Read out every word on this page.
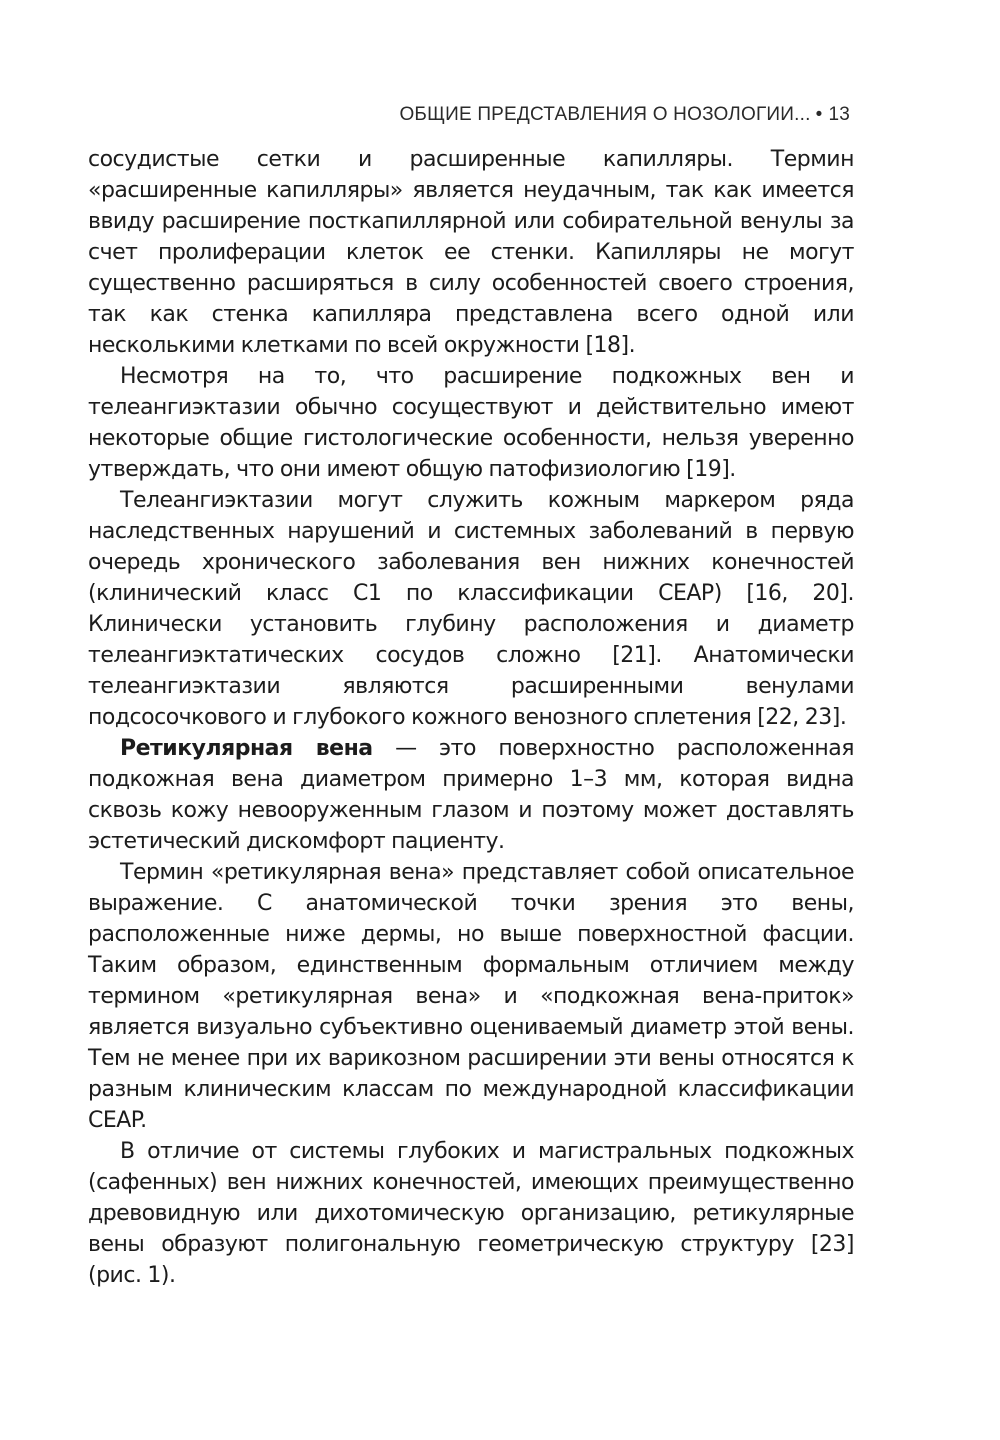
ОБЩИЕ ПРЕДСТАВЛЕНИЯ О НОЗОЛОГИИ... • 13

сосудистые сетки и расширенные капилляры. Термин «расширенные капилляры» является неудачным, так как имеется ввиду расширение посткапиллярной или собирательной венулы за счет пролиферации клеток ее стенки. Капилляры не могут существенно расширяться в силу особенностей своего строения, так как стенка капилляра представлена всего одной или несколькими клетками по всей окружности [18].

Несмотря на то, что расширение подкожных вен и телеангиэктазии обычно сосуществуют и действительно имеют некоторые общие гистологические особенности, нельзя уверенно утверждать, что они имеют общую патофизиологию [19].

Телеангиэктазии могут служить кожным маркером ряда наследственных нарушений и системных заболеваний в первую очередь хронического заболевания вен нижних конечностей (клинический класс C1 по классификации CEAP) [16, 20]. Клинически установить глубину расположения и диаметр телеангиэктатических сосудов сложно [21]. Анатомически телеангиэктазии являются расширенными венулами подсосочкового и глубокого кожного венозного сплетения [22, 23].

Ретикулярная вена — это поверхностно расположенная подкожная вена диаметром примерно 1–3 мм, которая видна сквозь кожу невооруженным глазом и поэтому может доставлять эстетический дискомфорт пациенту.

Термин «ретикулярная вена» представляет собой описательное выражение. С анатомической точки зрения это вены, расположенные ниже дермы, но выше поверхностной фасции. Таким образом, единственным формальным отличием между термином «ретикулярная вена» и «подкожная вена-приток» является визуально субъективно оцениваемый диаметр этой вены. Тем не менее при их варикозном расширении эти вены относятся к разным клиническим классам по международной классификации CEAP.

В отличие от системы глубоких и магистральных подкожных (сафенных) вен нижних конечностей, имеющих преимущественно древовидную или дихотомическую организацию, ретикулярные вены образуют полигональную геометрическую структуру [23] (рис. 1).
